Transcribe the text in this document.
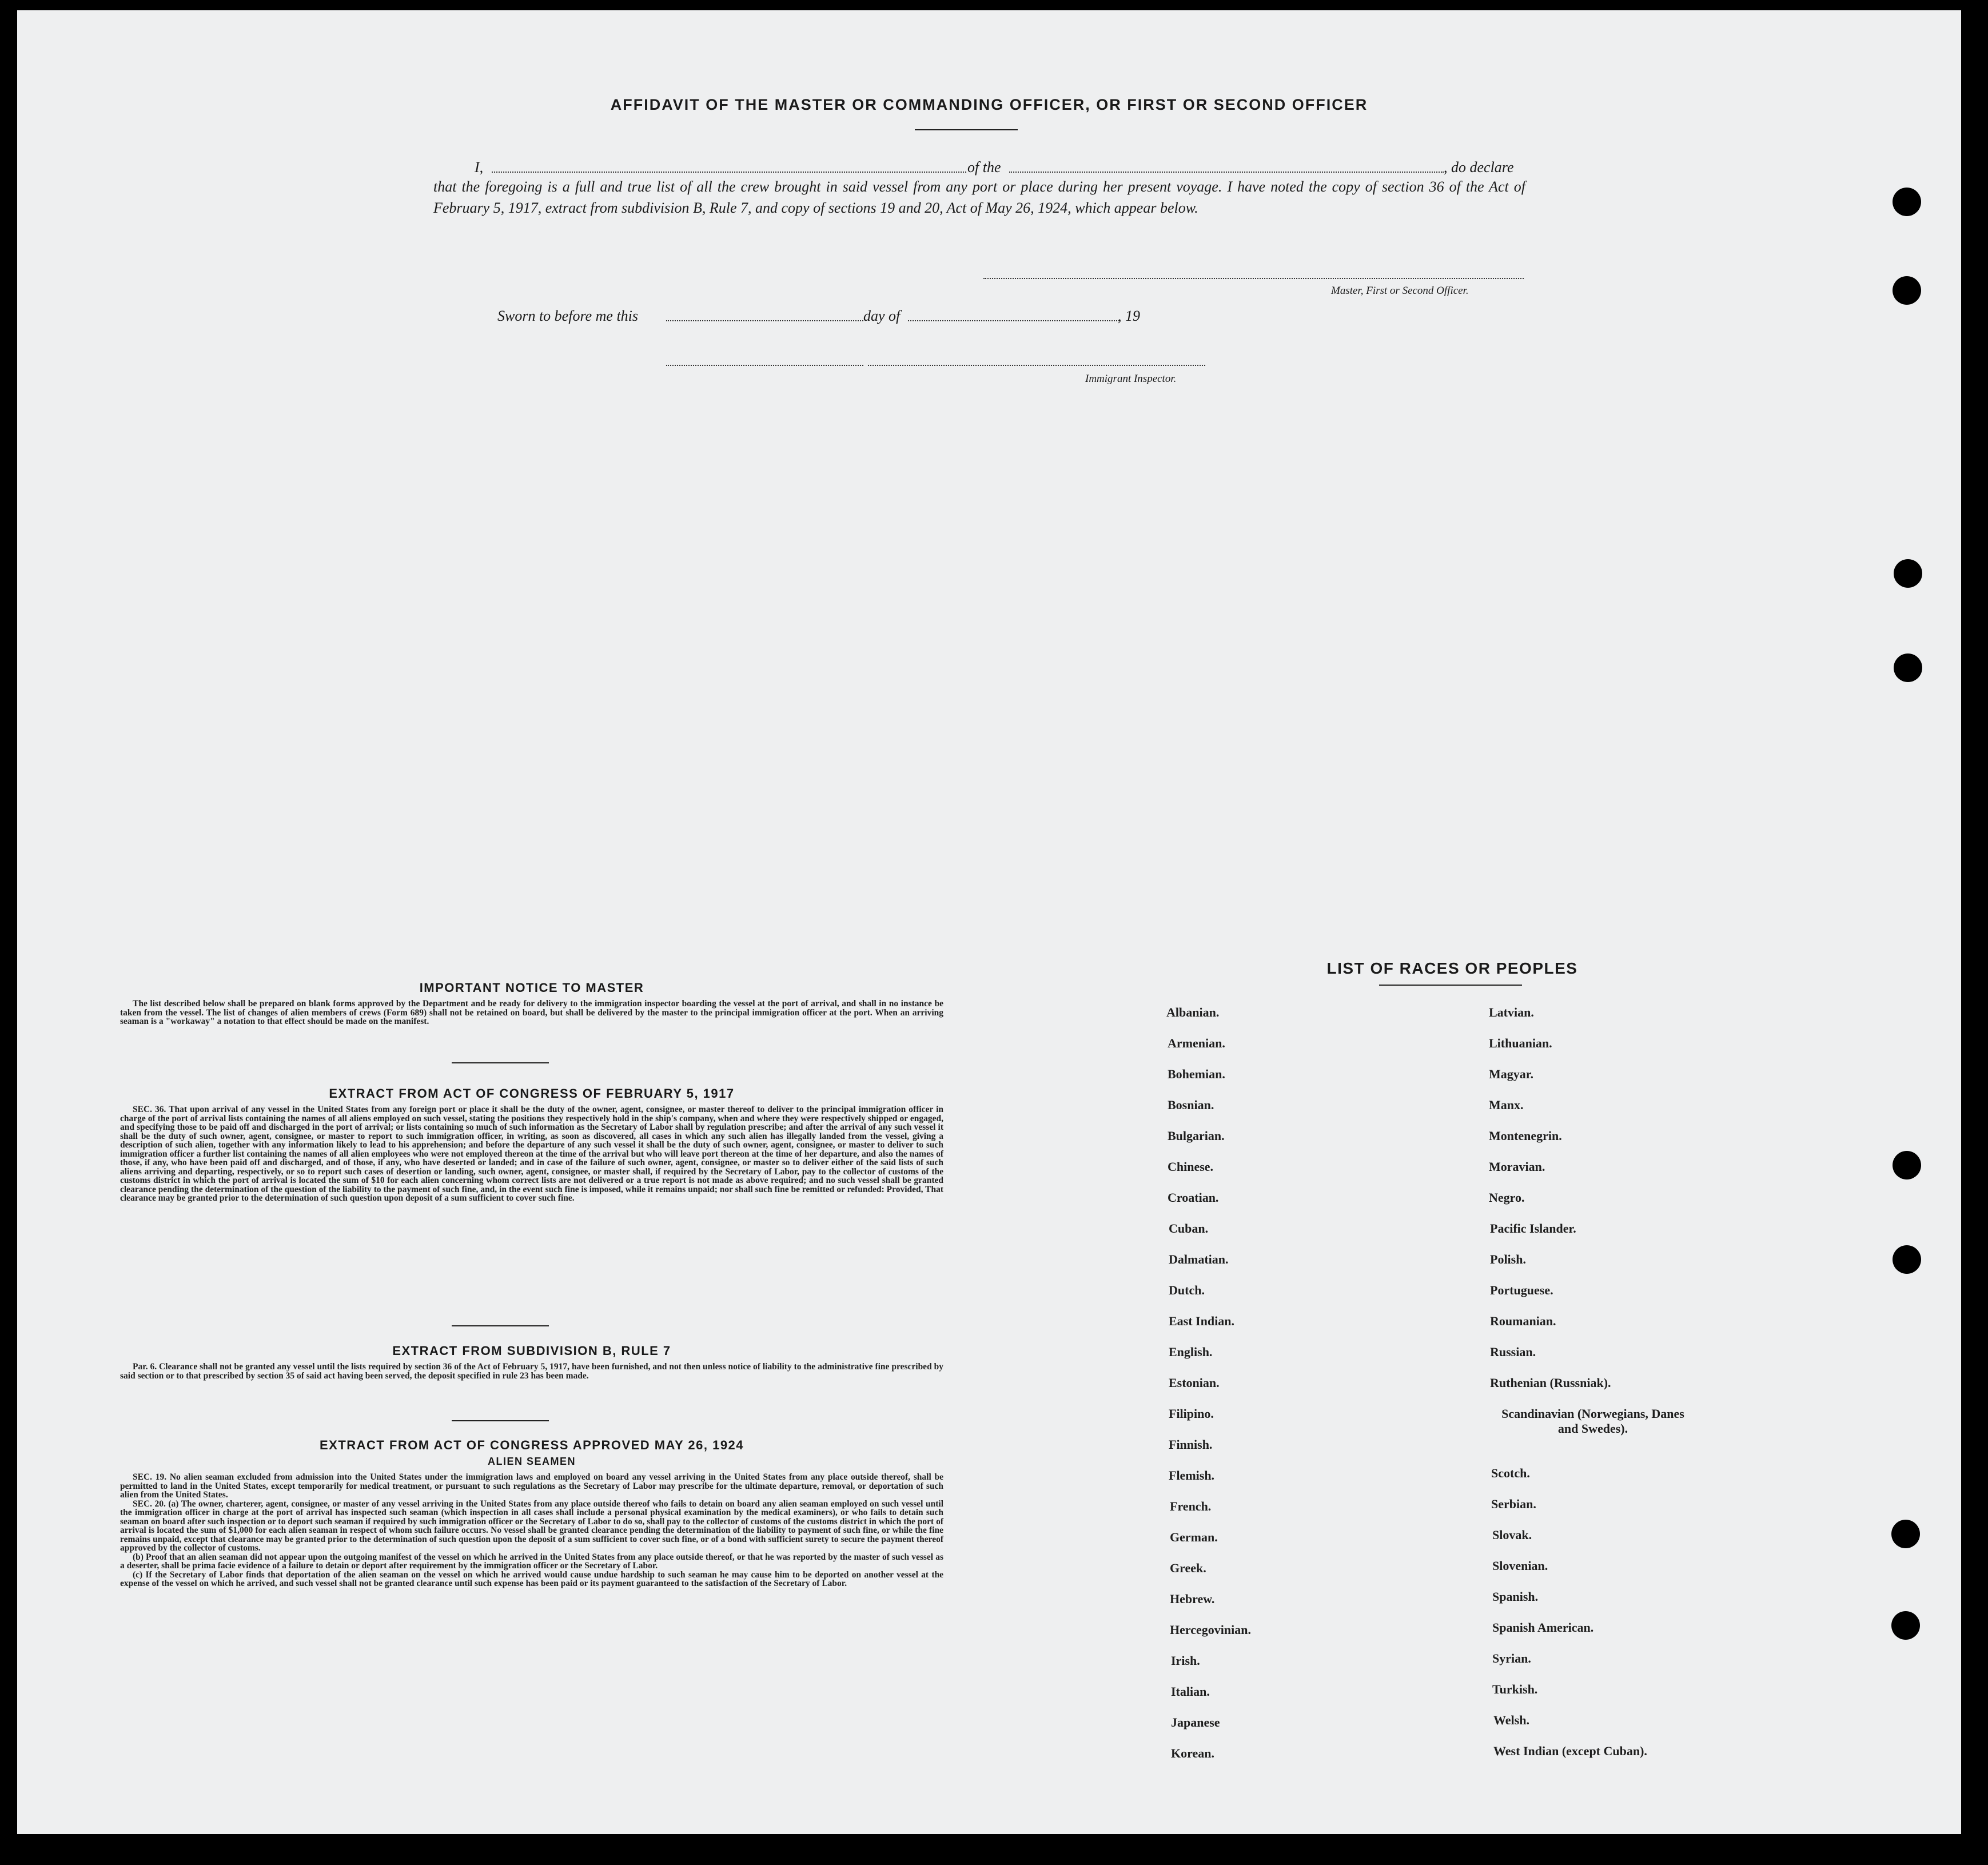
AFFIDAVIT OF THE MASTER OR COMMANDING OFFICER, OR FIRST OR SECOND OFFICER
I,	of the	, do declare
that the foregoing is a full and true list of all the crew brought in said vessel from any port or place during her present voyage. I have noted the copy of section 36 of the Act of February 5, 1917, extract from subdivision B, Rule 7, and copy of sections 19 and 20, Act of May 26, 1924, which appear below.
Master, First or Second Officer.
Sworn to before me this	day of	, 19
Immigrant Inspector.
IMPORTANT NOTICE TO MASTER

The list described below shall be prepared on blank forms approved by the Department and be ready for delivery to the immigration inspector boarding the vessel at the port of arrival, and shall in no instance be taken from the vessel. The list of changes of alien members of crews (Form 689) shall not be retained on board, but shall be delivered by the master to the principal immigration officer at the port. When an arriving seaman is a "workaway" a notation to that effect should be made on the manifest.

EXTRACT FROM ACT OF CONGRESS OF FEBRUARY 5, 1917

SEC. 36. That upon arrival of any vessel in the United States from any foreign port or place it shall be the duty of the owner, agent, consignee, or master thereof to deliver to the principal immigration officer in charge of the port of arrival lists containing the names of all aliens employed on such vessel, stating the positions they respectively hold in the ship's company, when and where they were respectively shipped or engaged, and specifying those to be paid off and discharged in the port of arrival; or lists containing so much of such information as the Secretary of Labor shall by regulation prescribe; and after the arrival of any such vessel it shall be the duty of such owner, agent, consignee, or master to report to such immigration officer, in writing, as soon as discovered, all cases in which any such alien has illegally landed from the vessel, giving a description of such alien, together with any information likely to lead to his apprehension; and before the departure of any such vessel it shall be the duty of such owner, agent, consignee, or master to deliver to such immigration officer a further list containing the names of all alien employees who were not employed thereon at the time of the arrival but who will leave port thereon at the time of her departure, and also the names of those, if any, who have been paid off and discharged, and of those, if any, who have deserted or landed; and in case of the failure of such owner, agent, consignee, or master so to deliver either of the said lists of such aliens arriving and departing, respectively, or so to report such cases of desertion or landing, such owner, agent, consignee, or master shall, if required by the Secretary of Labor, pay to the collector of customs of the customs district in which the port of arrival is located the sum of $10 for each alien concerning whom correct lists are not delivered or a true report is not made as above required; and no such vessel shall be granted clearance pending the determination of the question of the liability to the payment of such fine, and, in the event such fine is imposed, while it remains unpaid; nor shall such fine be remitted or refunded: Provided, That clearance may be granted prior to the determination of such question upon deposit of a sum sufficient to cover such fine.

EXTRACT FROM SUBDIVISION B, RULE 7

Par. 6. Clearance shall not be granted any vessel until the lists required by section 36 of the Act of February 5, 1917, have been furnished, and not then unless notice of liability to the administrative fine prescribed by said section or to that prescribed by section 35 of said act having been served, the deposit specified in rule 23 has been made.

EXTRACT FROM ACT OF CONGRESS APPROVED MAY 26, 1924
ALIEN SEAMEN

SEC. 19. No alien seaman excluded from admission into the United States under the immigration laws and employed on board any vessel arriving in the United States from any place outside thereof, shall be permitted to land in the United States, except temporarily for medical treatment, or pursuant to such regulations as the Secretary of Labor may prescribe for the ultimate departure, removal, or deportation of such alien from the United States.

SEC. 20. (a) The owner, charterer, agent, consignee, or master of any vessel arriving in the United States from any place outside thereof who fails to detain on board any alien seaman employed on such vessel until the immigration officer in charge at the port of arrival has inspected such seaman (which inspection in all cases shall include a personal physical examination by the medical examiners), or who fails to detain such seaman on board after such inspection or to deport such seaman if required by such immigration officer or the Secretary of Labor to do so, shall pay to the collector of customs of the customs district in which the port of arrival is located the sum of $1,000 for each alien seaman in respect of whom such failure occurs. No vessel shall be granted clearance pending the determination of the liability to payment of such fine, or while the fine remains unpaid, except that clearance may be granted prior to the determination of such question upon the deposit of a sum sufficient to cover such fine, or of a bond with sufficient surety to secure the payment thereof approved by the collector of customs.

(b) Proof that an alien seaman did not appear upon the outgoing manifest of the vessel on which he arrived in the United States from any place outside thereof, or that he was reported by the master of such vessel as a deserter, shall be prima facie evidence of a failure to detain or deport after requirement by the immigration officer or the Secretary of Labor.

(c) If the Secretary of Labor finds that deportation of the alien seaman on the vessel on which he arrived would cause undue hardship to such seaman he may cause him to be deported on another vessel at the expense of the vessel on which he arrived, and such vessel shall not be granted clearance until such expense has been paid or its payment guaranteed to the satisfaction of the Secretary of Labor.

LIST OF RACES OR PEOPLES
Albanian.
Armenian.
Bohemian.
Bosnian.
Bulgarian.
Chinese.
Croatian.
Cuban.
Dalmatian.
Dutch.
East Indian.
English.
Estonian.
Filipino.
Finnish.
Flemish.
French.
German.
Greek.
Hebrew.
Hercegovinian.
Irish.
Italian.
Japanese
Korean.
Latvian.
Lithuanian.
Magyar.
Manx.
Montenegrin.
Moravian.
Negro.
Pacific Islander.
Polish.
Portuguese.
Roumanian.
Russian.
Ruthenian (Russniak).
Scandinavian (Norwegians, Danes and Swedes).
Scotch.
Serbian.
Slovak.
Slovenian.
Spanish.
Spanish American.
Syrian.
Turkish.
Welsh.
West Indian (except Cuban).
